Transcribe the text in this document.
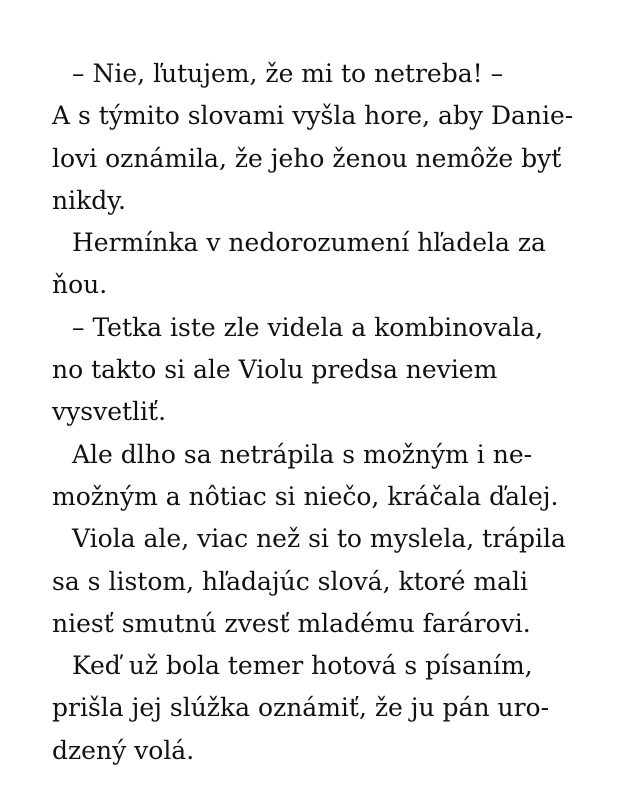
– Nie, ľutujem, že mi to netreba! –
A s týmito slovami vyšla hore, aby Danie-
lovi oznámila, že jeho ženou nemôže byť
nikdy.
Hermínka v nedorozumení hľadela za
ňou.
– Tetka iste zle videla a kombinovala,
no takto si ale Violu predsa neviem
vysvetliť.
Ale dlho sa netrápila s možným i ne-
možným a nôtiac si niečo, kráčala ďalej.
Viola ale, viac než si to myslela, trápila
sa s listom, hľadajúc slová, ktoré mali
niesť smutnú zvesť mladému farárovi.
Keď už bola temer hotová s písaním,
prišla jej slúžka oznámiť, že ju pán uro-
dzený volá.
